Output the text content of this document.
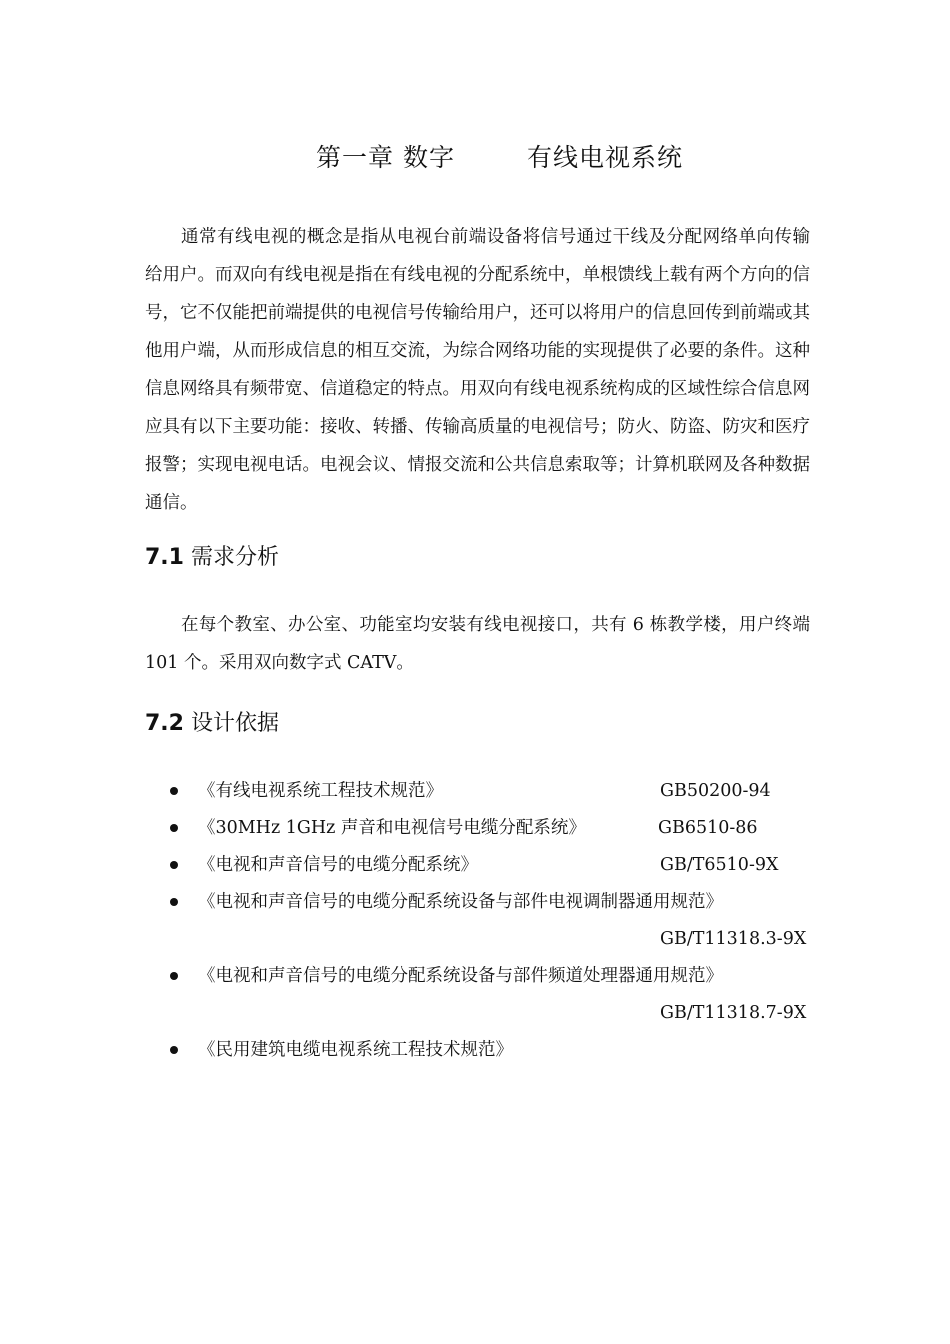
第一章 数字	有线电视系统

通常有线电视的概念是指从电视台前端设备将信号通过干线及分配网络单向传输给用户。而双向有线电视是指在有线电视的分配系统中，单根馈线上载有两个方向的信号，它不仅能把前端提供的电视信号传输给用户，还可以将用户的信息回传到前端或其他用户端，从而形成信息的相互交流，为综合网络功能的实现提供了必要的条件。这种信息网络具有频带宽、信道稳定的特点。用双向有线电视系统构成的区域性综合信息网应具有以下主要功能：接收、转播、传输高质量的电视信号；防火、防盗、防灾和医疗报警；实现电视电话。电视会议、情报交流和公共信息索取等；计算机联网及各种数据通信。

7.1 需求分析

在每个教室、办公室、功能室均安装有线电视接口，共有 6 栋教学楼，用户终端 101 个。采用双向数字式 CATV。

7.2 设计依据
《有线电视系统工程技术规范》	GB50200-94
《30MHz 1GHz 声音和电视信号电缆分配系统》	GB6510-86
《电视和声音信号的电缆分配系统》	GB/T6510-9X
《电视和声音信号的电缆分配系统设备与部件电视调制器通用规范》
GB/T11318.3-9X
《电视和声音信号的电缆分配系统设备与部件频道处理器通用规范》
GB/T11318.7-9X
《民用建筑电缆电视系统工程技术规范》
